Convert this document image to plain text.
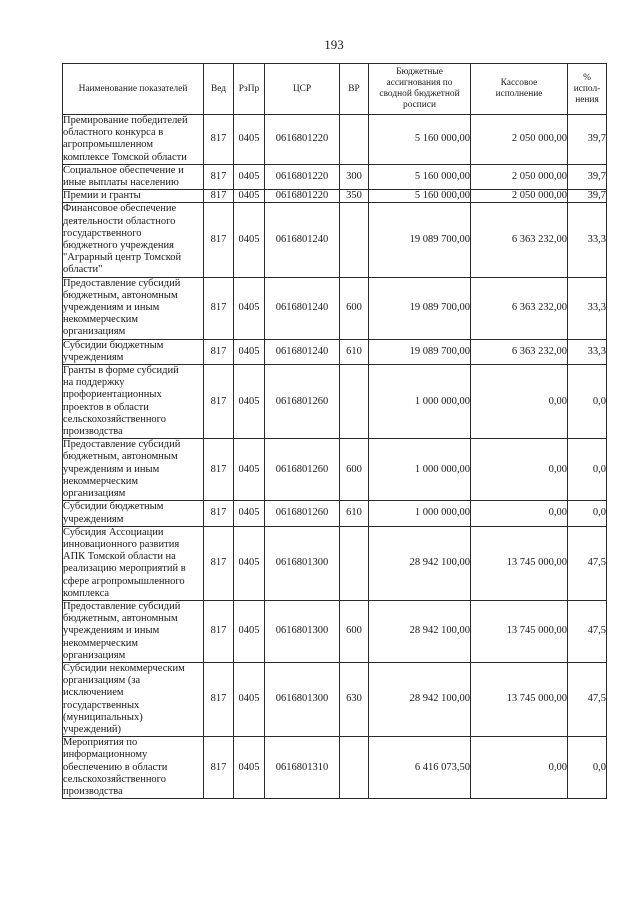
193
Наименование показателей	Вед	РзПр	ЦСР	ВР	Бюджетные ассигнования по сводной бюджетной росписи	Кассовое исполнение	% испол-нения

Премирование победителей областного конкурса в агропромышленном комплексе Томской области	817	0405	0616801220		5 160 000,00	2 050 000,00	39,7

Социальное обеспечение и иные выплаты населению	817	0405	0616801220	300	5 160 000,00	2 050 000,00	39,7

Премии и гранты	817	0405	0616801220	350	5 160 000,00	2 050 000,00	39,7

Финансовое обеспечение деятельности областного государственного бюджетного учреждения "Аграрный центр Томской области"	817	0405	0616801240		19 089 700,00	6 363 232,00	33,3

Предоставление субсидий бюджетным, автономным учреждениям и иным некоммерческим организациям	817	0405	0616801240	600	19 089 700,00	6 363 232,00	33,3

Субсидии бюджетным учреждениям	817	0405	0616801240	610	19 089 700,00	6 363 232,00	33,3

Гранты в форме субсидий на поддержку профориентационных проектов в области сельскохозяйственного производства	817	0405	0616801260		1 000 000,00	0,00	0,0

Предоставление субсидий бюджетным, автономным учреждениям и иным некоммерческим организациям	817	0405	0616801260	600	1 000 000,00	0,00	0,0

Субсидии бюджетным учреждениям	817	0405	0616801260	610	1 000 000,00	0,00	0,0

Субсидия Ассоциации инновационного развития АПК Томской области на реализацию мероприятий в сфере агропромышленного комплекса	817	0405	0616801300		28 942 100,00	13 745 000,00	47,5

Предоставление субсидий бюджетным, автономным учреждениям и иным некоммерческим организациям	817	0405	0616801300	600	28 942 100,00	13 745 000,00	47,5

Субсидии некоммерческим организациям (за исключением государственных (муниципальных) учреждений)	817	0405	0616801300	630	28 942 100,00	13 745 000,00	47,5

Мероприятия по информационному обеспечению в области сельскохозяйственного производства	817	0405	0616801310		6 416 073,50	0,00	0,0
